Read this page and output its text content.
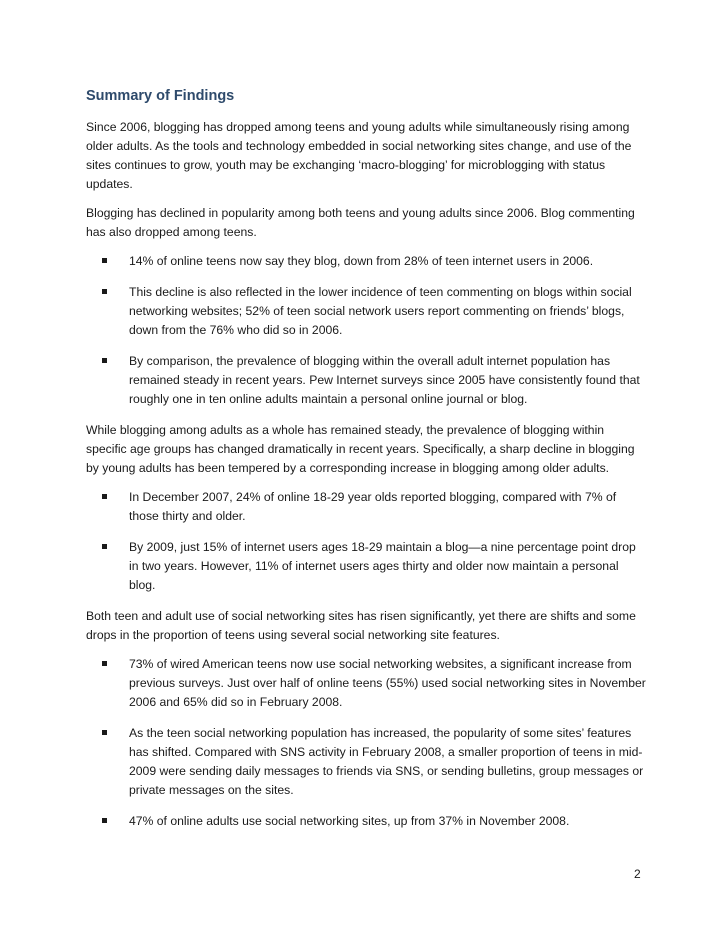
Summary of Findings

Since 2006, blogging has dropped among teens and young adults while simultaneously rising among older adults. As the tools and technology embedded in social networking sites change, and use of the sites continues to grow, youth may be exchanging ‘macro-blogging’ for microblogging with status updates.

Blogging has declined in popularity among both teens and young adults since 2006. Blog commenting has also dropped among teens.

14% of online teens now say they blog, down from 28% of teen internet users in 2006.
This decline is also reflected in the lower incidence of teen commenting on blogs within social networking websites; 52% of teen social network users report commenting on friends’ blogs, down from the 76% who did so in 2006.
By comparison, the prevalence of blogging within the overall adult internet population has remained steady in recent years. Pew Internet surveys since 2005 have consistently found that roughly one in ten online adults maintain a personal online journal or blog.

While blogging among adults as a whole has remained steady, the prevalence of blogging within specific age groups has changed dramatically in recent years. Specifically, a sharp decline in blogging by young adults has been tempered by a corresponding increase in blogging among older adults.

In December 2007, 24% of online 18-29 year olds reported blogging, compared with 7% of those thirty and older.
By 2009, just 15% of internet users ages 18-29 maintain a blog—a nine percentage point drop in two years. However, 11% of internet users ages thirty and older now maintain a personal blog.

Both teen and adult use of social networking sites has risen significantly, yet there are shifts and some drops in the proportion of teens using several social networking site features.

73% of wired American teens now use social networking websites, a significant increase from previous surveys. Just over half of online teens (55%) used social networking sites in November 2006 and 65% did so in February 2008.
As the teen social networking population has increased, the popularity of some sites’ features has shifted. Compared with SNS activity in February 2008, a smaller proportion of teens in mid-2009 were sending daily messages to friends via SNS, or sending bulletins, group messages or private messages on the sites.
47% of online adults use social networking sites, up from 37% in November 2008.
2
